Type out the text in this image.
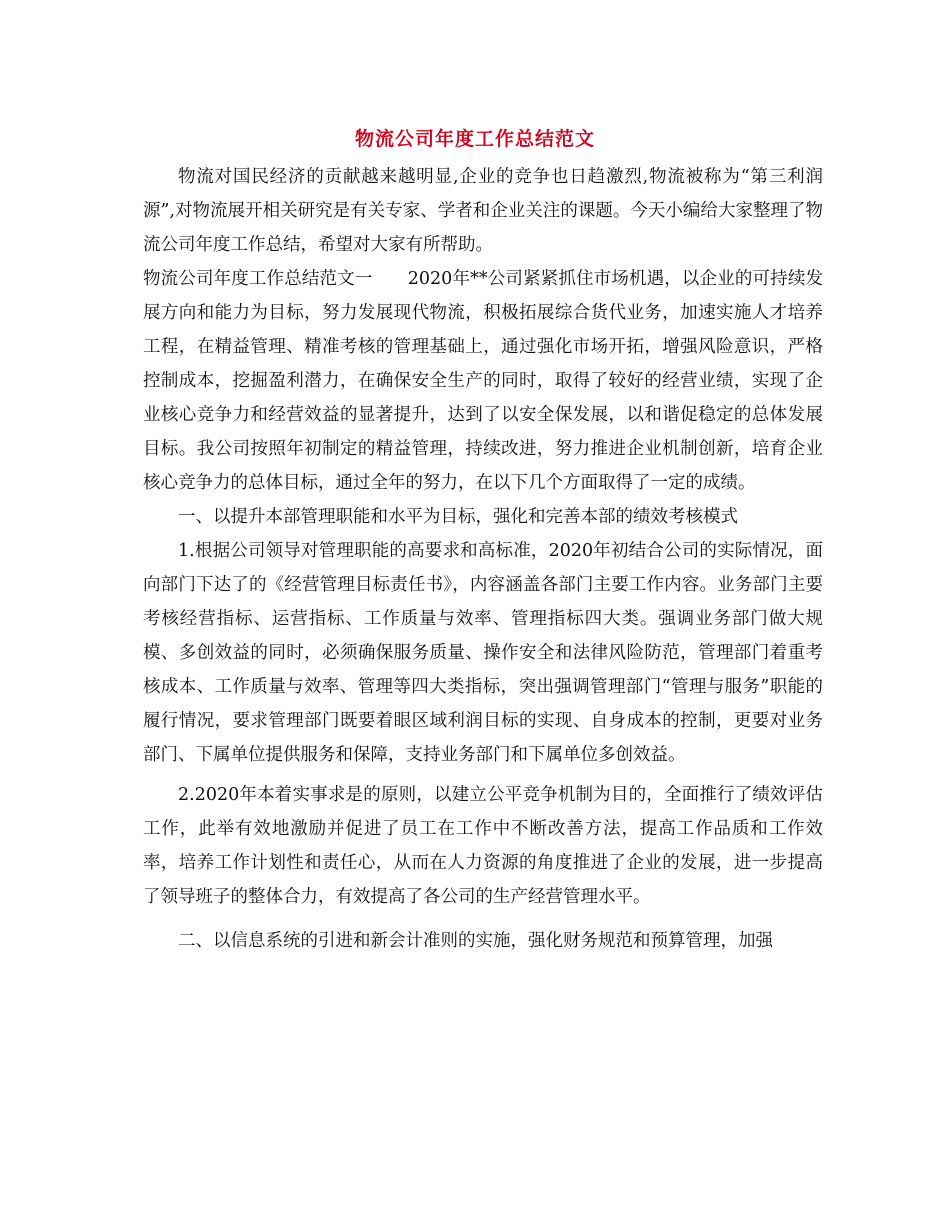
物流公司年度工作总结范文

物流对国民经济的贡献越来越明显,企业的竞争也日趋激烈,物流被称为“第三利润源”,对物流展开相关研究是有关专家、学者和企业关注的课题。今天小编给大家整理了物流公司年度工作总结，希望对大家有所帮助。

物流公司年度工作总结范文一　　2020年**公司紧紧抓住市场机遇，以企业的可持续发展方向和能力为目标，努力发展现代物流，积极拓展综合货代业务，加速实施人才培养工程，在精益管理、精准考核的管理基础上，通过强化市场开拓，增强风险意识，严格控制成本，挖掘盈利潜力，在确保安全生产的同时，取得了较好的经营业绩，实现了企业核心竞争力和经营效益的显著提升，达到了以安全保发展，以和谐促稳定的总体发展目标。我公司按照年初制定的精益管理，持续改进，努力推进企业机制创新，培育企业核心竞争力的总体目标，通过全年的努力，在以下几个方面取得了一定的成绩。

一、以提升本部管理职能和水平为目标，强化和完善本部的绩效考核模式

1.根据公司领导对管理职能的高要求和高标准，2020年初结合公司的实际情况，面向部门下达了的《经营管理目标责任书》，内容涵盖各部门主要工作内容。业务部门主要考核经营指标、运营指标、工作质量与效率、管理指标四大类。强调业务部门做大规模、多创效益的同时，必须确保服务质量、操作安全和法律风险防范，管理部门着重考核成本、工作质量与效率、管理等四大类指标，突出强调管理部门“管理与服务”职能的履行情况，要求管理部门既要着眼区域利润目标的实现、自身成本的控制，更要对业务部门、下属单位提供服务和保障，支持业务部门和下属单位多创效益。

2.2020年本着实事求是的原则，以建立公平竞争机制为目的，全面推行了绩效评估工作，此举有效地激励并促进了员工在工作中不断改善方法，提高工作品质和工作效率，培养工作计划性和责任心，从而在人力资源的角度推进了企业的发展，进一步提高了领导班子的整体合力，有效提高了各公司的生产经营管理水平。

二、以信息系统的引进和新会计准则的实施，强化财务规范和预算管理，加强
